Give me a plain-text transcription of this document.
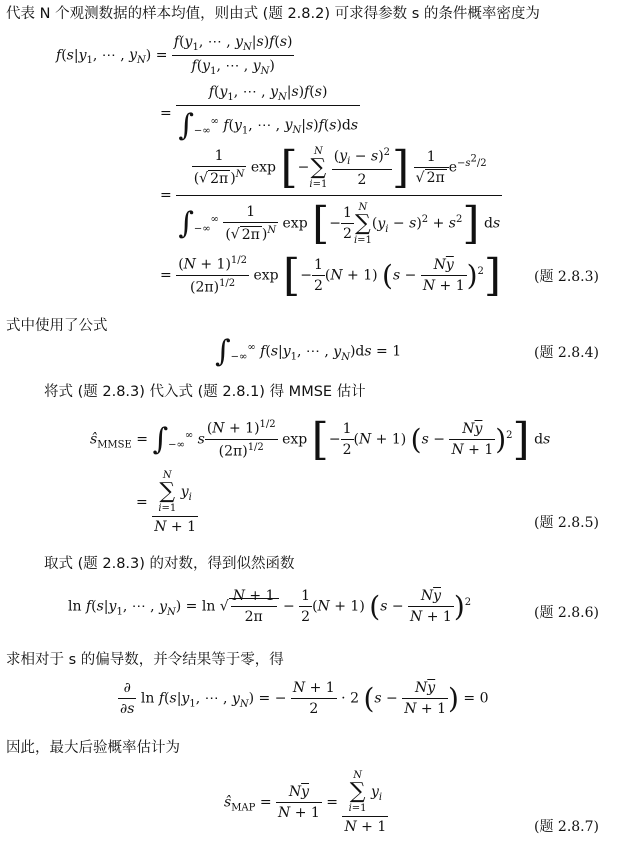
代表 N 个观测数据的样本均值，则由式 (题 2.8.2) 可求得参数 s 的条件概率密度为
$f(s|y_1$, ⋯ , $y_N) = \frac{f(y_1, \cdots , y_N|s)f(s)}{f(y_1, \cdots , y_N)}$
= $\frac{f(y_1, \cdots , y_N|s)f(s)}{\int_{-\infty}^\infty f(y_1, \cdots , y_N|s)f(s)ds}$
=
$\frac{1}{(√ 2\pi )^N}$ exp [−N
∑
$i=1 \frac{(y_i - s)^2}{2}$ ] $\frac{1}{√ 2\pi} e^{-s2/2}$
$\int_{-\infty}^\infty \frac{1}{(√ 2\pi )^N}$ exp [− $\frac{1}{2}$ N
∑
$i=1(y_i - s)^2 + s^2$] ds
= $\frac{(N + 1)^{1/2}}{(2\pi)^{1/2}}$ exp [− $\frac{1}{2} (N + 1) (s - \frac{N\overline{y}}{N + 1} )^2$] (题 2.8.3)
式中使用了公式
$\int_{-\infty}^\infty$ $f(s|y_1$, ⋯ , $y_N)ds = 1$	(题 2.8.4)
将式 (题 2.8.3) 代入式 (题 2.8.1) 得 MMSE 估计
$ŝ_{MMSE} = \int_{-\infty}^\infty$ s $\frac{(N + 1)^{1/2}}{(2\pi)^{1/2}}$ exp [− $\frac{1}{2} (N + 1) (s - \frac{N\overline{y}}{N + 1} )^2$] ds
= N
∑
i=1 $y_i$
N + 1	(题 2.8.5)
取式 (题 2.8.3) 的对数，得到似然函数
$\ln f(s|y_1$, ⋯ , $y_N) = \ln$ √ $\frac{N + 1}{2\pi} - \frac{1}{2} (N + 1) (s - \frac{N\overline{y}}{N + 1} )^2$
(题 2.8.6)
求相对于 s 的偏导数，并令结果等于零，得
$\frac{\partial}{\partial s}$ $\ln f(s|y_1$, ⋯ , $y_N$) = − $\frac{N + 1}{2} \cdot 2$ ($s - \frac{N\overline{y}}{N + 1}$ ) = 0
因此，最大后验概率估计为
$ŝ_{MAP} = \frac{N\overline{y}}{N + 1} = N$
∑
i=1 $y_i$
N + 1	(题 2.8.7)
